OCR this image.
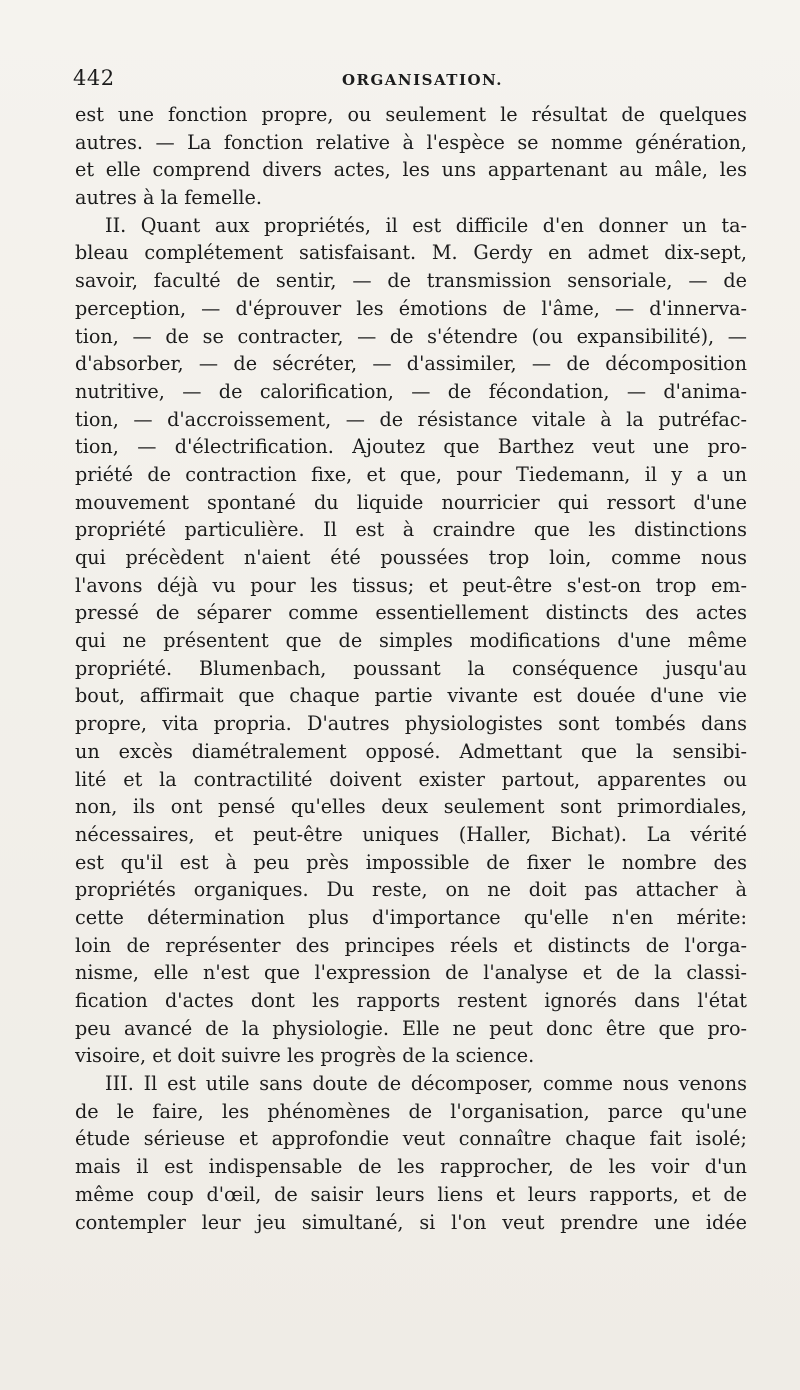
442	ORGANISATION.
est une fonction propre, ou seulement le résultat de quelques
autres. — La fonction relative à l'espèce se nomme génération,
et elle comprend divers actes, les uns appartenant au mâle, les
autres à la femelle.
II. Quant aux propriétés, il est difficile d'en donner un ta-
bleau complétement satisfaisant. M. Gerdy en admet dix-sept,
savoir, faculté de sentir, — de transmission sensoriale, — de
perception, — d'éprouver les émotions de l'âme, — d'innerva-
tion, — de se contracter, — de s'étendre (ou expansibilité), —
d'absorber, — de sécréter, — d'assimiler, — de décomposition
nutritive, — de calorification, — de fécondation, — d'anima-
tion, — d'accroissement, — de résistance vitale à la putréfac-
tion, — d'électrification. Ajoutez que Barthez veut une pro-
priété de contraction fixe, et que, pour Tiedemann, il y a un
mouvement spontané du liquide nourricier qui ressort d'une
propriété particulière. Il est à craindre que les distinctions
qui précèdent n'aient été poussées trop loin, comme nous
l'avons déjà vu pour les tissus; et peut-être s'est-on trop em-
pressé de séparer comme essentiellement distincts des actes
qui ne présentent que de simples modifications d'une même
propriété. Blumenbach, poussant la conséquence jusqu'au
bout, affirmait que chaque partie vivante est douée d'une vie
propre, vita propria. D'autres physiologistes sont tombés dans
un excès diamétralement opposé. Admettant que la sensibi-
lité et la contractilité doivent exister partout, apparentes ou
non, ils ont pensé qu'elles deux seulement sont primordiales,
nécessaires, et peut-être uniques (Haller, Bichat). La vérité
est qu'il est à peu près impossible de fixer le nombre des
propriétés organiques. Du reste, on ne doit pas attacher à
cette détermination plus d'importance qu'elle n'en mérite:
loin de représenter des principes réels et distincts de l'orga-
nisme, elle n'est que l'expression de l'analyse et de la classi-
fication d'actes dont les rapports restent ignorés dans l'état
peu avancé de la physiologie. Elle ne peut donc être que pro-
visoire, et doit suivre les progrès de la science.
III. Il est utile sans doute de décomposer, comme nous venons
de le faire, les phénomènes de l'organisation, parce qu'une
étude sérieuse et approfondie veut connaître chaque fait isolé;
mais il est indispensable de les rapprocher, de les voir d'un
même coup d'œil, de saisir leurs liens et leurs rapports, et de
contempler leur jeu simultané, si l'on veut prendre une idée
